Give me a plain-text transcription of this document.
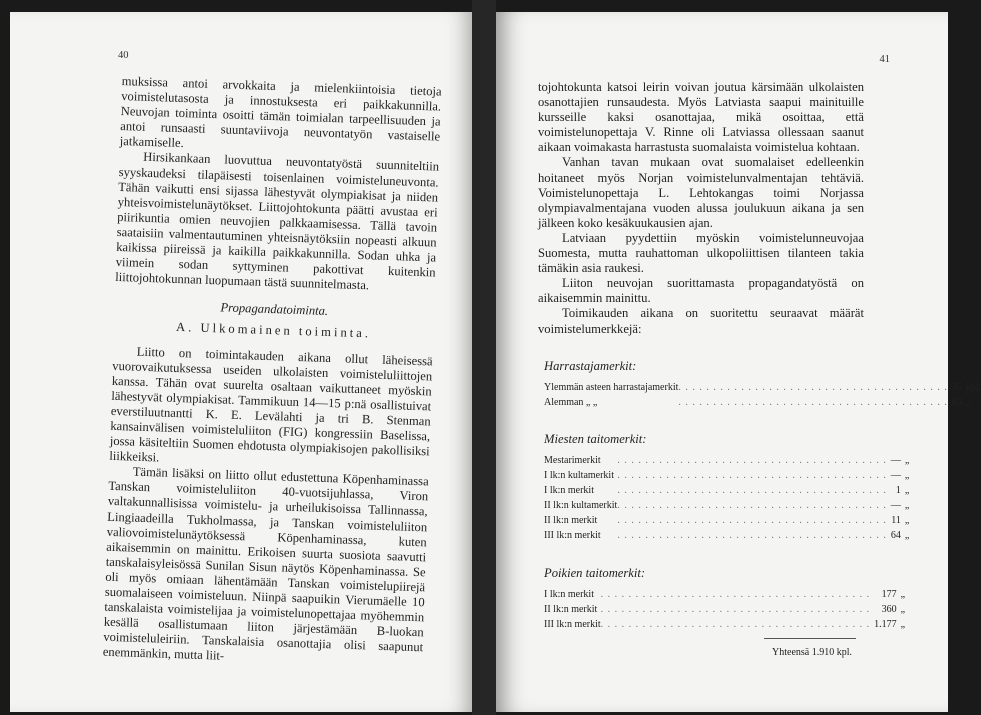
40

muksissa antoi arvokkaita ja mielenkiintoisia tietoja voimistelutasosta ja innostuksesta eri paikkakunnilla. Neuvojan toiminta osoitti tämän toimialan tarpeellisuuden ja antoi runsaasti suuntaviivoja neuvontatyön vastaiselle jatkamiselle.

Hirsikankaan luovuttua neuvontatyöstä suunniteltiin syyskaudeksi tilapäisesti toisenlainen voimisteluneuvonta. Tähän vaikutti ensi sijassa lähestyvät olympiakisat ja niiden yhteisvoimistelunäytökset. Liittojohtokunta päätti avustaa eri piirikuntia omien neuvojien palkkaamisessa. Tällä tavoin saataisiin valmentautuminen yhteisnäytöksiin nopeasti alkuun kaikissa piireissä ja kaikilla paikkakunnilla. Sodan uhka ja viimein sodan syttyminen pakottivat kuitenkin liittojohtokunnan luopumaan tästä suunnitelmasta.

Propagandatoiminta.

A. Ulkomainen toiminta.

Liitto on toimintakauden aikana ollut läheisessä vuorovaikutuksessa useiden ulkolaisten voimisteluliittojen kanssa. Tähän ovat suurelta osaltaan vaikuttaneet myöskin lähestyvät olympiakisat. Tammikuun 14—15 p:nä osallistuivat everstiluutnantti K. E. Levälahti ja tri B. Stenman kansainvälisen voimisteluliiton (FIG) kongressiin Baselissa, jossa käsiteltiin Suomen ehdotusta olympiakisojen pakollisiksi liikkeiksi.

Tämän lisäksi on liitto ollut edustettuna Köpenhaminassa Tanskan voimisteluliiton 40-vuotsijuhlassa, Viron valtakunnallisissa voimistelu- ja urheilukisoissa Tallinnassa, Lingiaadeilla Tukholmassa, ja Tanskan voimisteluliiton valiovoimistelunäytöksessä Köpenhaminassa, kuten aikaisemmin on mainittu. Erikoisen suurta suosiota saavutti tanskalaisyleisössä Sunilan Sisun näytös Köpenhaminassa. Se oli myös omiaan lähentämään Tanskan voimistelupiirejä suomalaiseen voimisteluun. Niinpä saapuikin Vierumäelle 10 tanskalaista voimistelijaa ja voimistelunopettajaa myöhemmin kesällä osallistumaan liiton järjestämään B-luokan voimisteluleiriin. Tanskalaisia osanottajia olisi saapunut enemmänkin, mutta liit-

41

tojohtokunta katsoi leirin voivan joutua kärsimään ulkolaisten osanottajien runsaudesta. Myös Latviasta saapui mainituille kursseille kaksi osanottajaa, mikä osoittaa, että voimistelunopettaja V. Rinne oli Latviassa ollessaan saanut aikaan voimakasta harrastusta suomalaista voimistelua kohtaan.

Vanhan tavan mukaan ovat suomalaiset edelleenkin hoitaneet myös Norjan voimistelunvalmentajan tehtäviä. Voimistelunopettaja L. Lehtokangas toimi Norjassa olympiavalmentajana vuoden alussa joulukuun aikana ja sen jälkeen koko kesäkuukausien ajan.

Latviaan pyydettiin myöskin voimistelunneuvojaa Suomesta, mutta rauhattoman ulkopoliittisen tilanteen takia tämäkin asia raukesi.

Liiton neuvojan suorittamasta propagandatyöstä on aikaisemmin mainittu.

Toimikauden aikana on suoritettu seuraavat määrät voimistelumerkkejä:

Harrastajamerkit:
Ylemmän asteen harrastajamerkit	. . . . . . . . . . . . . . . . . . . . . . . . . . . . . . . . . . . . . . .	35	kpl.
Alemman „ „	. . . . . . . . . . . . . . . . . . . . . . . . . . . . . . . . . . . . . . .	83	„
Miesten taitomerkit:
Mestarimerkit	. . . . . . . . . . . . . . . . . . . . . . . . . . . . . . . . . . . . . . .	—	„
I lk:n kultamerkit	. . . . . . . . . . . . . . . . . . . . . . . . . . . . . . . . . . . . . . .	—	„
I lk:n merkit	. . . . . . . . . . . . . . . . . . . . . . . . . . . . . . . . . . . . . . .	1	„
II lk:n kultamerkit	. . . . . . . . . . . . . . . . . . . . . . . . . . . . . . . . . . . . . . .	—	„
II lk:n merkit	. . . . . . . . . . . . . . . . . . . . . . . . . . . . . . . . . . . . . . .	11	„
III lk:n merkit	. . . . . . . . . . . . . . . . . . . . . . . . . . . . . . . . . . . . . . .	64	„
Poikien taitomerkit:
I lk:n merkit	. . . . . . . . . . . . . . . . . . . . . . . . . . . . . . . . . . . . . . .	177	„
II lk:n merkit	. . . . . . . . . . . . . . . . . . . . . . . . . . . . . . . . . . . . . . .	360	„
III lk:n merkit	. . . . . . . . . . . . . . . . . . . . . . . . . . . . . . . . . . . . . . .	1.177	„
Yhteensä 1.910 kpl.
